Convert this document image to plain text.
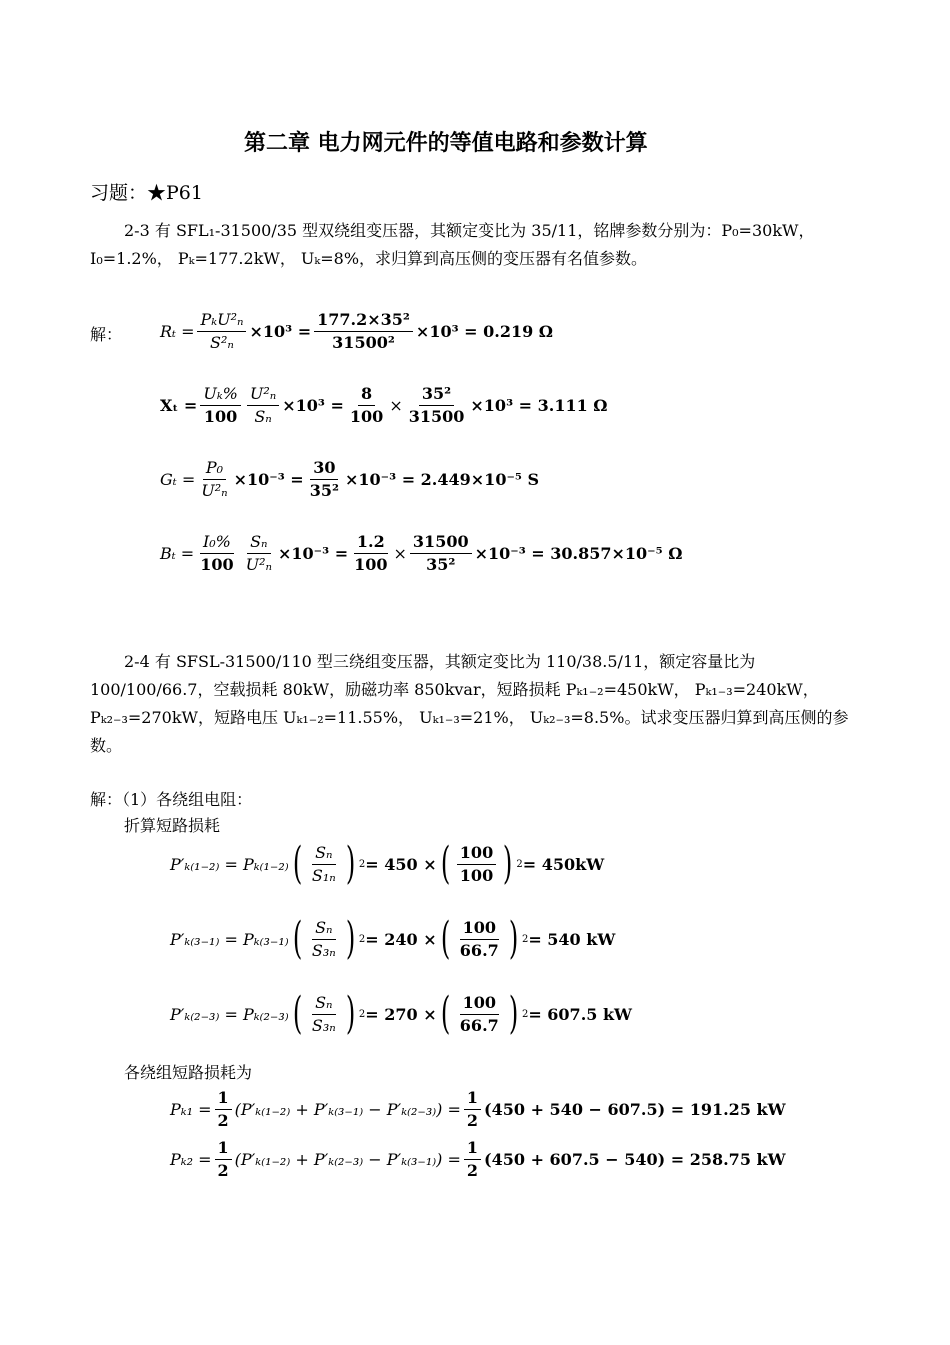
第二章 电力网元件的等值电路和参数计算
习题：★P61
2-3 有 SFL₁-31500/35 型双绕组变压器，其额定变比为 35/11，铭牌参数分别为：P₀=30kW，I₀=1.2%， Pₖ=177.2kW， Uₖ=8%，求归算到高压侧的变压器有名值参数。
解： $R_t = \frac{\text{PₖU²ₙ}}{\text{S²ₙ}} \times 10^3 = \frac{\text{177.2×35²}}{\text{31500²}} \times 10^3 = 0.219$ Ω
$X_t = \frac{\text{Uₖ\%}}{100} \frac{\text{U²ₙ}}{\text{Sₙ}} \times 10^3 = \frac{8}{100} \times \frac{\text{35²}}{31500} \times 10^3 = 3.111$ Ω
$G_t = \frac{\text{P₀}}{\text{U²ₙ}} \times 10^{-3} = \frac{30}{\text{35²}} \times 10^{-3} = 2.449\times 10^{-5}$ S
$B_t = \frac{\text{I₀\%}}{100} \frac{\text{Sₙ}}{\text{U²ₙ}} \times 10^{-3} = \frac{1.2}{100} \times \frac{31500}{\text{35²}} \times 10^{-3} = 30.857\times 10^{-5}$ Ω
2-4 有 SFSL-31500/110 型三绕组变压器，其额定变比为 110/38.5/11，额定容量比为 100/100/66.7，空载损耗 80kW，励磁功率 850kvar，短路损耗 Pₖ₁₋₂=450kW， Pₖ₁₋₃=240kW，Pₖ₂₋₃=270kW，短路电压 Uₖ₁₋₂=11.55%， Uₖ₁₋₃=21%， Uₖ₂₋₃=8.5%。试求变压器归算到高压侧的参数。
解：（1）各绕组电阻：
折算短路损耗
P′ₖ₍₁₋₂₎ = Pₖ₍₁₋₂₎ ( $\frac{\text{Sₙ}}{\text{S₁ₙ}}$ ) 2 = 450 × ( $\frac{100}{100}$ ) 2 = 450kW
P′ₖ₍₃₋₁₎ = Pₖ₍₃₋₁₎ ( $\frac{\text{Sₙ}}{\text{S₃ₙ}}$ ) 2 = 240 × ( $\frac{100}{66.7}$ ) 2 = 540 kW
P′ₖ₍₂₋₃₎ = Pₖ₍₂₋₃₎ ( $\frac{\text{Sₙ}}{\text{S₃ₙ}}$ ) 2 = 270 × ( $\frac{100}{66.7}$ ) 2 = 607.5 kW
各绕组短路损耗为
$P_{k1} = \frac{1}{2} (P'_{k(1-2)} + P'_{k(3-1)} - P'_{k(2-3)}) = \frac{1}{2} (450 + 540 - 607.5) = 191.25$ kW
$P_{k2} = \frac{1}{2} (P'_{k(1-2)} + P'_{k(2-3)} - P'_{k(3-1)}) = \frac{1}{2} (450 + 607.5 - 540) = 258.75$ kW
